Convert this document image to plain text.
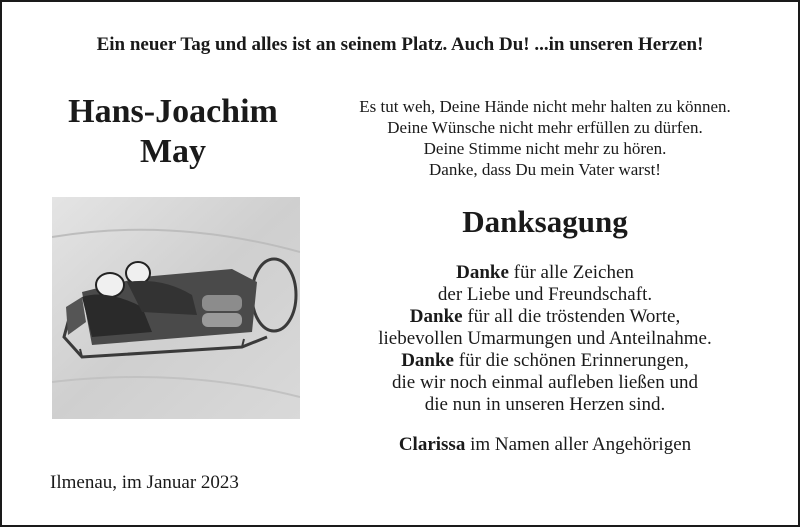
Ein neuer Tag und alles ist an seinem Platz. Auch Du! ...in unseren Herzen!
Hans-Joachim
May
Es tut weh, Deine Hände nicht mehr halten zu können.
Deine Wünsche nicht mehr erfüllen zu dürfen.
Deine Stimme nicht mehr zu hören.
Danke, dass Du mein Vater warst!
Danksagung
Danke für alle Zeichen
der Liebe und Freundschaft.
Danke für all die tröstenden Worte,
liebevollen Umarmungen und Anteilnahme.
Danke für die schönen Erinnerungen,
die wir noch einmal aufleben ließen und
die nun in unseren Herzen sind.
Clarissa im Namen aller Angehörigen
Ilmenau, im Januar 2023
